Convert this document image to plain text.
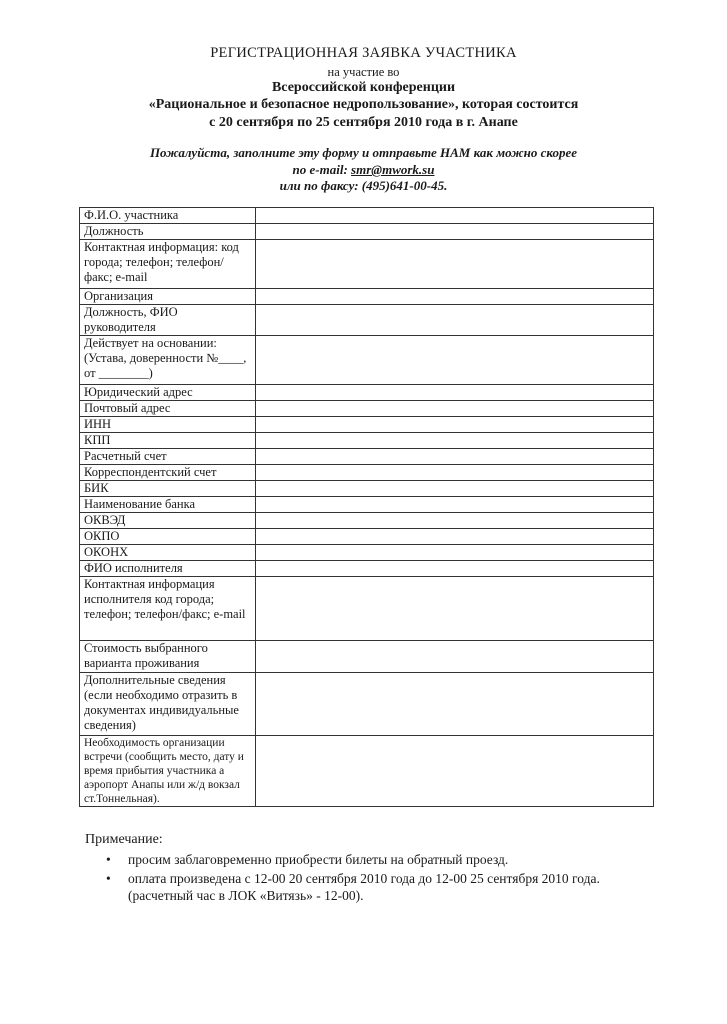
РЕГИСТРАЦИОННАЯ ЗАЯВКА УЧАСТНИКА
на участие во
Всероссийской конференции
«Рациональное и безопасное недропользование», которая состоится
с 20 сентября по 25 сентября 2010 года в г. Анапе
Пожалуйста, заполните эту форму и отправьте НАМ как можно скорее
по e-mail: smr@mwork.su
или по факсу: (495)641-00-45.
Ф.И.О. участника	
Должность	
Контактная информация: код города; телефон; телефон/факс; e-mail	
Организация	
Должность, ФИО руководителя	
Действует на основании: (Устава, доверенности №____, от ________)	
Юридический адрес	
Почтовый адрес	
ИНН	
КПП	
Расчетный счет	
Корреспондентский счет	
БИК	
Наименование банка	
ОКВЭД	
ОКПО	
ОКОНХ	
ФИО исполнителя	
Контактная информация исполнителя код города; телефон; телефон/факс; e-mail	
Стоимость выбранного варианта проживания	
Дополнительные сведения (если необходимо отразить в документах индивидуальные сведения)	
Необходимость организации встречи (сообщить место, дату и время прибытия участника а аэропорт Анапы или ж/д вокзал ст.Тоннельная).	
Примечание:
• просим заблаговременно приобрести билеты на обратный проезд.
• оплата произведена с 12-00 20 сентября 2010 года до 12-00 25 сентября 2010 года. (расчетный час в ЛОК «Витязь» - 12-00).
